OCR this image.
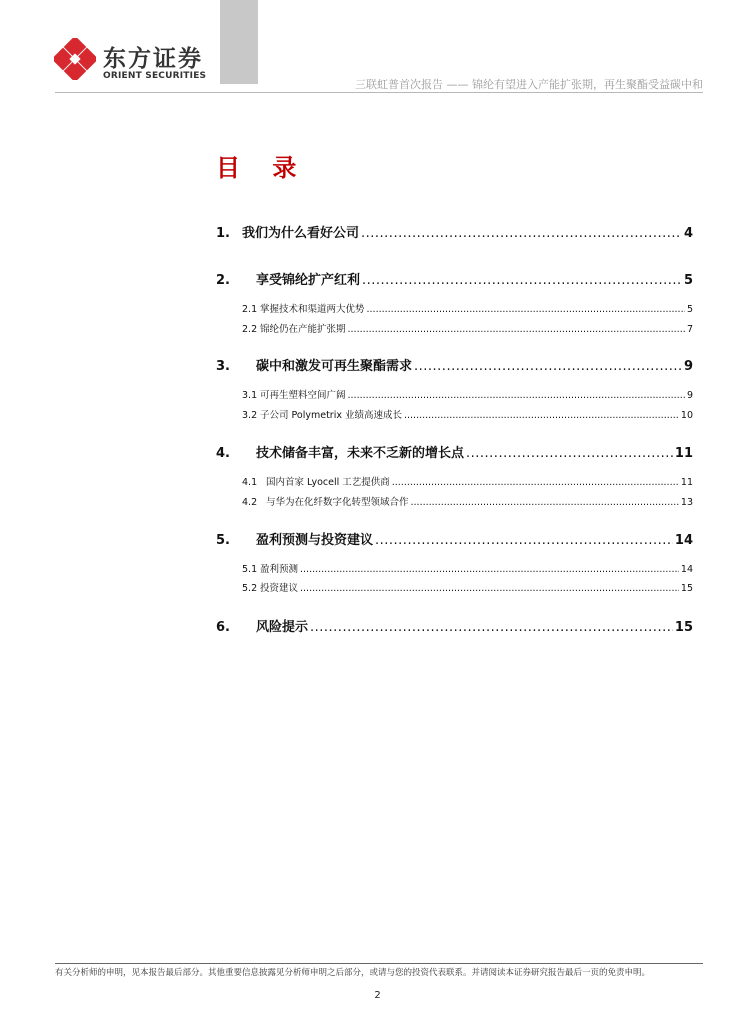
东方证券
ORIENT SECURITIES
三联虹普首次报告 —— 锦纶有望进入产能扩张期，再生聚酯受益碳中和
目 录
1. 我们为什么看好公司 .....	4
2.	享受锦纶扩产红利 .....	5
2.1 掌握技术和渠道两大优势 .....	5
2.2 锦纶仍在产能扩张期 .....	7
3.	碳中和激发可再生聚酯需求 .....	9
3.1 可再生塑料空间广阔 .....	9
3.2 子公司 Polymetrix 业绩高速成长 .....	10
4.	技术储备丰富，未来不乏新的增长点 .....	11
4.1 国内首家 Lyocell 工艺提供商 .....	11
4.2 与华为在化纤数字化转型领域合作 .....	13
5.	盈利预测与投资建议 .....	14
5.1 盈利预测 .....	14
5.2 投资建议 .....	15
6.	风险提示 .....	15
有关分析师的申明，见本报告最后部分。其他重要信息披露见分析师申明之后部分，或请与您的投资代表联系。并请阅读本证券研究报告最后一页的免责申明。
2
